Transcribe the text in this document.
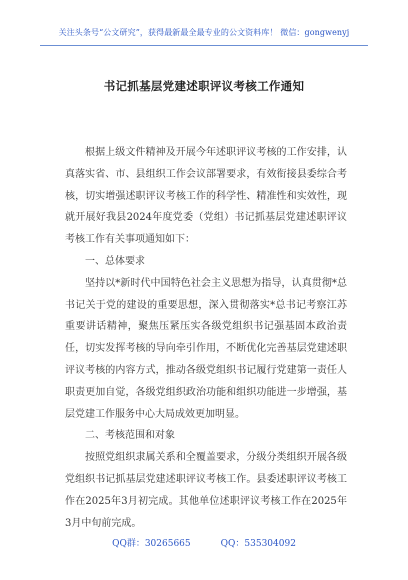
关注头条号“公文研究”，获得最新最全最专业的公文资料库！ 微信：gongwenyj
书记抓基层党建述职评议考核工作通知

根据上级文件精神及开展今年述职评议考核的工作安排，认真落实省、市、县组织工作会议部署要求，有效衔接县委综合考核，切实增强述职评议考核工作的科学性、精准性和实效性，现就开展好我县2024年度党委（党组）书记抓基层党建述职评议考核工作有关事项通知如下：

一、总体要求

坚持以*新时代中国特色社会主义思想为指导，认真贯彻*总书记关于党的建设的重要思想，深入贯彻落实*总书记考察江苏重要讲话精神，聚焦压紧压实各级党组织书记强基固本政治责任，切实发挥考核的导向牵引作用，不断优化完善基层党建述职评议考核的内容方式，推动各级党组织书记履行党建第一责任人职责更加自觉，各级党组织政治功能和组织功能进一步增强，基层党建工作服务中心大局成效更加明显。

二、考核范围和对象

按照党组织隶属关系和全覆盖要求，分级分类组织开展各级党组织书记抓基层党建述职评议考核工作。县委述职评议考核工作在2025年3月初完成。其他单位述职评议考核工作在2025年3月中旬前完成。

QQ群：30265665	QQ：535304092
